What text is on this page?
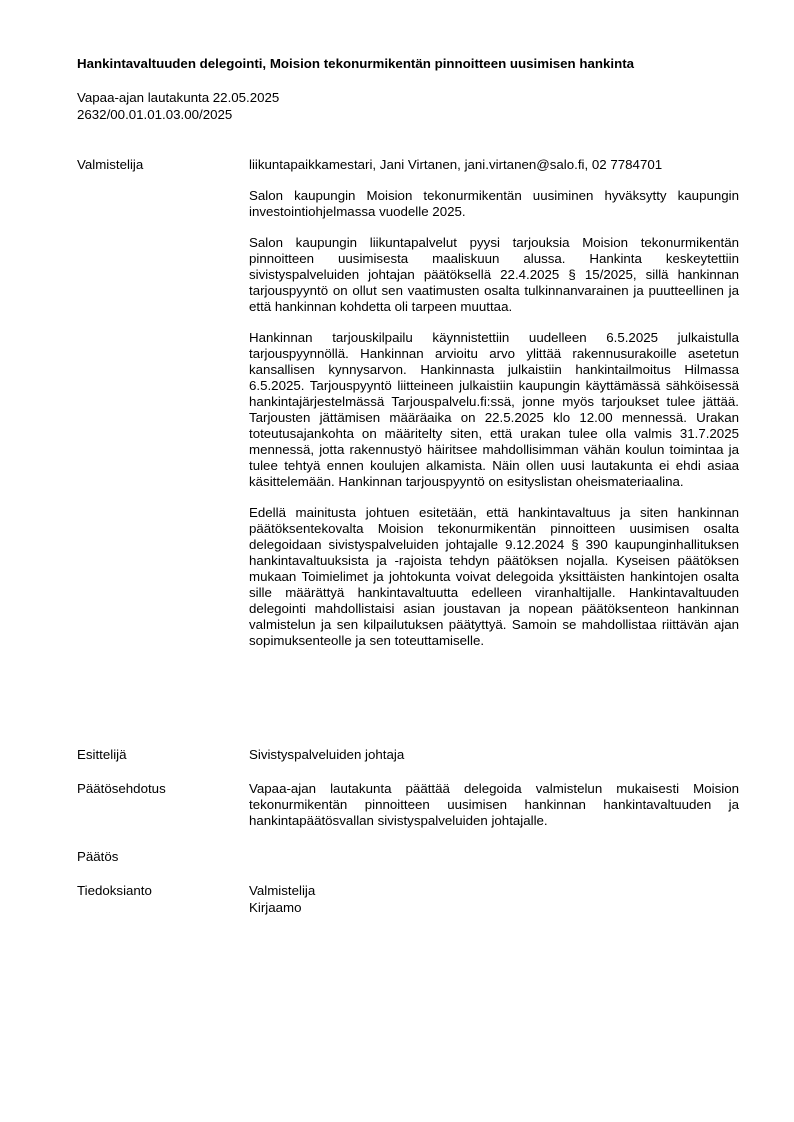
Hankintavaltuuden delegointi, Moision tekonurmikentän pinnoitteen uusimisen hankinta
Vapaa-ajan lautakunta 22.05.2025
2632/00.01.01.03.00/2025
Valmistelija	liikuntapaikkamestari, Jani Virtanen, jani.virtanen@salo.fi, 02 7784701

Salon kaupungin Moision tekonurmikentän uusiminen hyväksytty kaupungin investointiohjelmassa vuodelle 2025.

Salon kaupungin liikuntapalvelut pyysi tarjouksia Moision tekonurmikentän pinnoitteen uusimisesta maaliskuun alussa. Hankinta keskeytettiin sivistyspalveluiden johtajan päätöksellä 22.4.2025 § 15/2025, sillä hankinnan tarjouspyyntö on ollut sen vaatimusten osalta tulkinnanvarainen ja puutteellinen ja että hankinnan kohdetta oli tarpeen muuttaa.

Hankinnan tarjouskilpailu käynnistettiin uudelleen 6.5.2025 julkaistulla tarjouspyynnöllä. Hankinnan arvioitu arvo ylittää rakennusurakoille asetetun kansallisen kynnysarvon. Hankinnasta julkaistiin hankintailmoitus Hilmassa 6.5.2025. Tarjouspyyntö liitteineen julkaistiin kaupungin käyttämässä sähköisessä hankintajärjestelmässä Tarjouspalvelu.fi:ssä, jonne myös tarjoukset tulee jättää. Tarjousten jättämisen määräaika on 22.5.2025 klo 12.00 mennessä. Urakan toteutusajankohta on määritelty siten, että urakan tulee olla valmis 31.7.2025 mennessä, jotta rakennustyö häiritsee mahdollisimman vähän koulun toimintaa ja tulee tehtyä ennen koulujen alkamista. Näin ollen uusi lautakunta ei ehdi asiaa käsittelemään. Hankinnan tarjouspyyntö on esityslistan oheismateriaalina.

Edellä mainitusta johtuen esitetään, että hankintavaltuus ja siten hankinnan päätöksentekovalta Moision tekonurmikentän pinnoitteen uusimisen osalta delegoidaan sivistyspalveluiden johtajalle 9.12.2024 § 390 kaupunginhallituksen hankintavaltuuksista ja -rajoista tehdyn päätöksen nojalla. Kyseisen päätöksen mukaan Toimielimet ja johtokunta voivat delegoida yksittäisten hankintojen osalta sille määrättyä hankintavaltuutta edelleen viranhaltijalle. Hankintavaltuuden delegointi mahdollistaisi asian joustavan ja nopean päätöksenteon hankinnan valmistelun ja sen kilpailutuksen päätyttyä. Samoin se mahdollistaa riittävän ajan sopimuksenteolle ja sen toteuttamiselle.

Esittelijä	Sivistyspalveluiden johtaja
Päätösehdotus	Vapaa-ajan lautakunta päättää delegoida valmistelun mukaisesti Moision tekonurmikentän pinnoitteen uusimisen hankinnan hankintavaltuuden ja hankintapäätösvallan sivistyspalveluiden johtajalle.

Päätös
Tiedoksianto	Valmistelija
Kirjaamo
